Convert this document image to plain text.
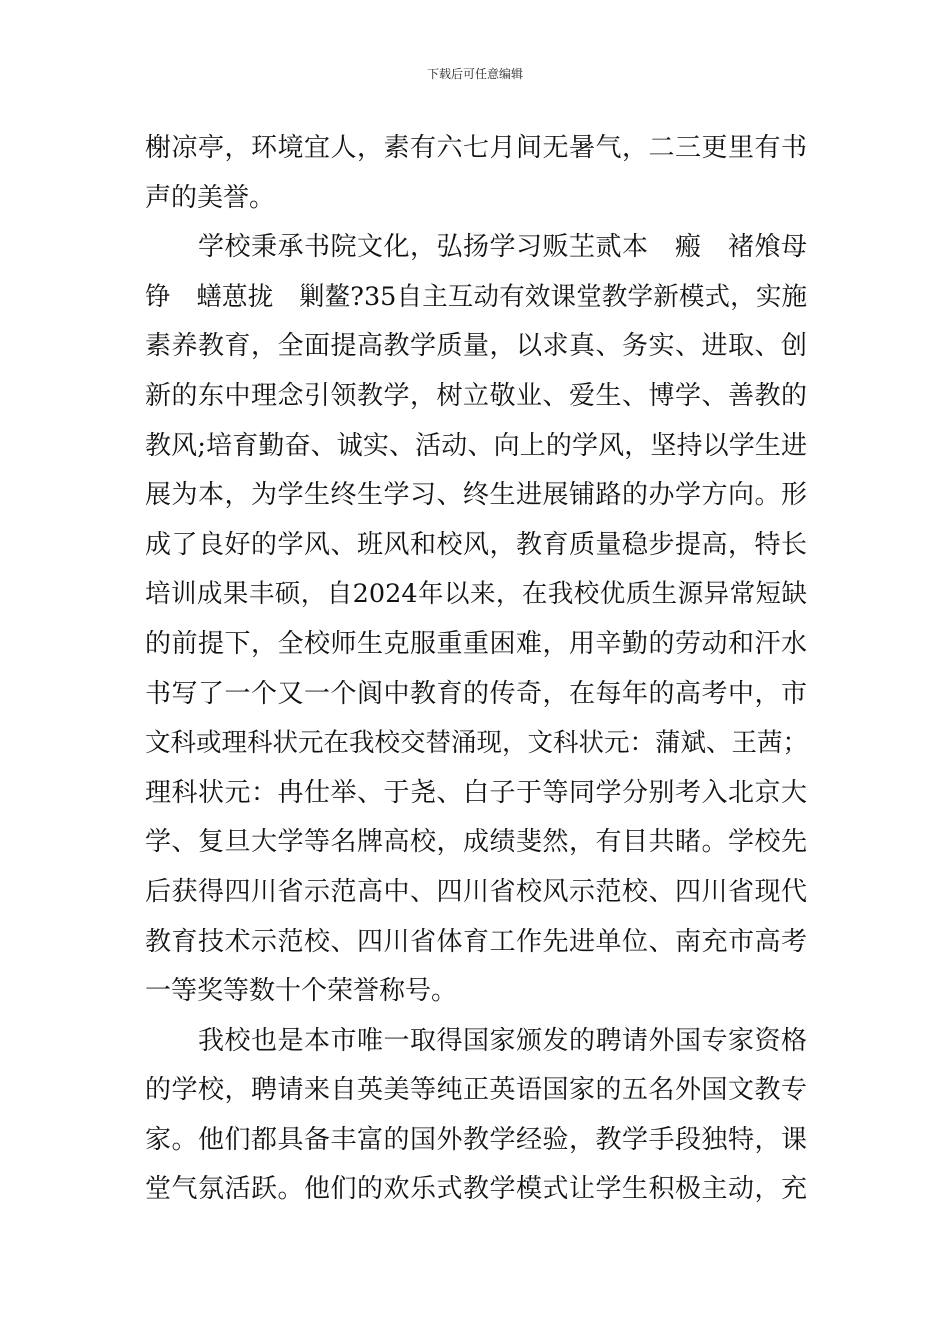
下载后可任意编辑
榭凉亭，环境宜人，素有六七月间无暑气，二三更里有书
声的美誉。
　　学校秉承书院文化，弘扬学习贩芏贰本　瘢　褚飧母
铮　蟮葸拢　剿鳌?35自主互动有效课堂教学新模式，实施
素养教育，全面提高教学质量，以求真、务实、进取、创
新的东中理念引领教学，树立敬业、爱生、博学、善教的
教风;培育勤奋、诚实、活动、向上的学风，坚持以学生进
展为本，为学生终生学习、终生进展铺路的办学方向。形
成了良好的学风、班风和校风，教育质量稳步提高，特长
培训成果丰硕，自2024年以来，在我校优质生源异常短缺
的前提下，全校师生克服重重困难，用辛勤的劳动和汗水
书写了一个又一个阆中教育的传奇，在每年的高考中，市
文科或理科状元在我校交替涌现，文科状元：蒲斌、王茜；
理科状元：冉仕举、于尧、白子于等同学分别考入北京大
学、复旦大学等名牌高校，成绩斐然，有目共睹。学校先
后获得四川省示范高中、四川省校风示范校、四川省现代
教育技术示范校、四川省体育工作先进单位、南充市高考
一等奖等数十个荣誉称号。
　　我校也是本市唯一取得国家颁发的聘请外国专家资格
的学校，聘请来自英美等纯正英语国家的五名外国文教专
家。他们都具备丰富的国外教学经验，教学手段独特，课
堂气氛活跃。他们的欢乐式教学模式让学生积极主动，充
